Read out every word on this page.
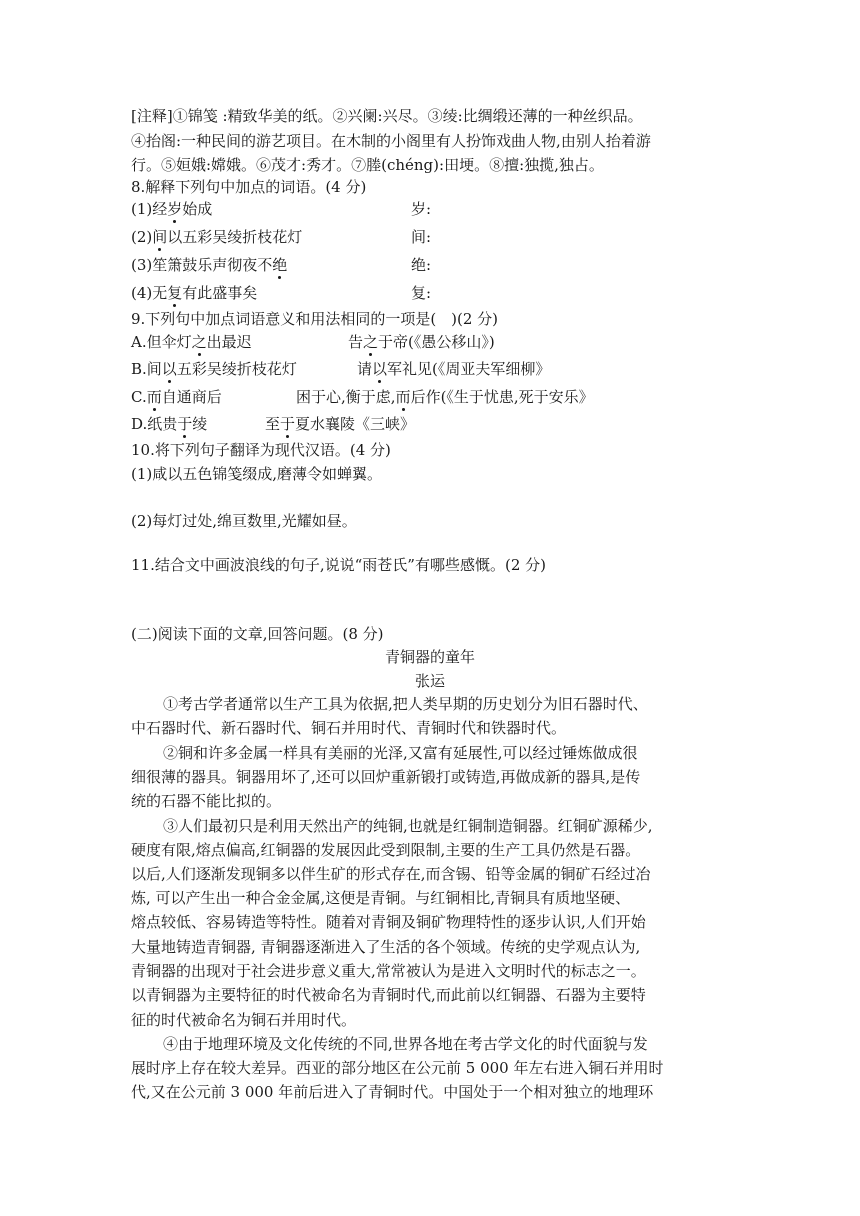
[注释]①锦笺 :精致华美的纸。②兴阑:兴尽。③绫:比绸缎还薄的一种丝织品。
④抬阁:一种民间的游艺项目。在木制的小阁里有人扮饰戏曲人物,由别人抬着游
行。⑤姮娥:嫦娥。⑥茂才:秀才。⑦塍(chéng):田埂。⑧擅:独揽,独占。
8.解释下列句中加点的词语。(4 分)
(1)经岁始成	岁:
(2)间以五彩吴绫折枝花灯	间:
(3)笙箫鼓乐声彻夜不绝	绝:
(4)无复有此盛事矣	复:
9.下列句中加点词语意义和用法相同的一项是(　)(2 分)
A.但伞灯之出最迟	告之于帝(《愚公移山》)
B.间以五彩吴绫折枝花灯	请以军礼见(《周亚夫军细柳》
C.而自通商后	困于心,衡于虑,而后作(《生于忧患,死于安乐》
D.纸贵于绫	至于夏水襄陵《三峡》
10.将下列句子翻译为现代汉语。(4 分)
(1)咸以五色锦笺缀成,磨薄令如蝉翼。
(2)每灯过处,绵亘数里,光耀如昼。
11.结合文中画波浪线的句子,说说“雨苍氏”有哪些感慨。(2 分)
(二)阅读下面的文章,回答问题。(8 分)
青铜器的童年
张运
①考古学者通常以生产工具为依据,把人类早期的历史划分为旧石器时代、
中石器时代、新石器时代、铜石并用时代、青铜时代和铁器时代。
②铜和许多金属一样具有美丽的光泽,又富有延展性,可以经过锤炼做成很
细很薄的器具。铜器用坏了,还可以回炉重新锻打或铸造,再做成新的器具,是传
统的石器不能比拟的。
③人们最初只是利用天然出产的纯铜,也就是红铜制造铜器。红铜矿源稀少,
硬度有限,熔点偏高,红铜器的发展因此受到限制,主要的生产工具仍然是石器。
以后,人们逐渐发现铜多以伴生矿的形式存在,而含锡、铅等金属的铜矿石经过冶
炼, 可以产生出一种合金金属,这便是青铜。与红铜相比,青铜具有质地坚硬、
熔点较低、容易铸造等特性。随着对青铜及铜矿物理特性的逐步认识,人们开始
大量地铸造青铜器, 青铜器逐渐进入了生活的各个领域。传统的史学观点认为,
青铜器的出现对于社会进步意义重大,常常被认为是进入文明时代的标志之一。
以青铜器为主要特征的时代被命名为青铜时代,而此前以红铜器、石器为主要特
征的时代被命名为铜石并用时代。
④由于地理环境及文化传统的不同,世界各地在考古学文化的时代面貌与发
展时序上存在较大差异。西亚的部分地区在公元前 5 000 年左右进入铜石并用时
代,又在公元前 3 000 年前后进入了青铜时代。中国处于一个相对独立的地理环
